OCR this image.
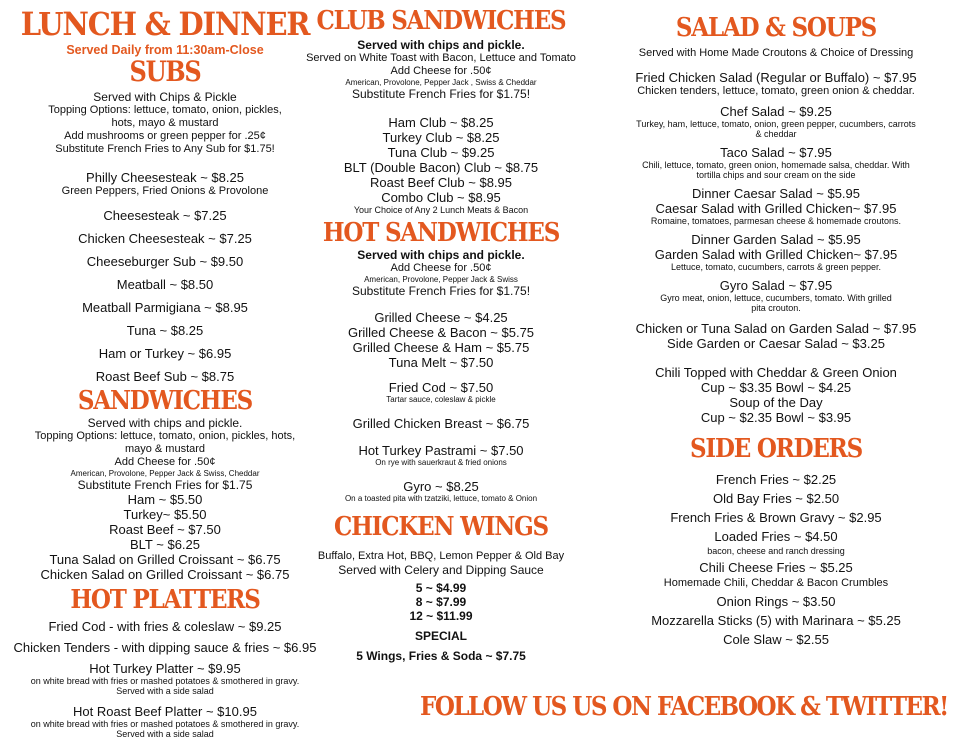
LUNCH & DINNER
Served Daily from 11:30am-Close
SUBS
Served with Chips & Pickle
Topping Options: lettuce, tomato, onion, pickles,
hots, mayo & mustard
Add mushrooms or green pepper for .25¢
Substitute French Fries to Any Sub for $1.75!
Philly Cheesesteak ~ $8.25
Green Peppers, Fried Onions & Provolone
Cheesesteak ~ $7.25
Chicken Cheesesteak ~ $7.25
Cheeseburger Sub ~ $9.50
Meatball ~ $8.50
Meatball Parmigiana ~ $8.95
Tuna ~ $8.25
Ham or Turkey ~ $6.95
Roast Beef Sub ~ $8.75
SANDWICHES
Served with chips and pickle.
Topping Options: lettuce, tomato, onion, pickles, hots,
mayo & mustard
Add Cheese for .50¢
American, Provolone, Pepper Jack & Swiss, Cheddar
Substitute French Fries for $1.75
Ham ~ $5.50
Turkey~ $5.50
Roast Beef ~ $7.50
BLT ~ $6.25
Tuna Salad on Grilled Croissant ~ $6.75
Chicken Salad on Grilled Croissant ~ $6.75
HOT PLATTERS
Fried Cod - with fries & coleslaw ~ $9.25
Chicken Tenders - with dipping sauce & fries ~ $6.95
Hot Turkey Platter ~ $9.95
on white bread with fries or mashed potatoes & smothered in gravy.
Served with a side salad
Hot Roast Beef Platter ~ $10.95
on white bread with fries or mashed potatoes & smothered in gravy.
Served with a side salad
CLUB SANDWICHES
Served with chips and pickle.
Served on White Toast with Bacon, Lettuce and Tomato
Add Cheese for .50¢
American, Provolone, Pepper Jack , Swiss & Cheddar
Substitute French Fries for $1.75!
Ham Club ~ $8.25
Turkey Club ~ $8.25
Tuna Club ~ $9.25
BLT (Double Bacon) Club ~ $8.75
Roast Beef Club ~ $8.95
Combo Club ~ $8.95
Your Choice of Any 2 Lunch Meats & Bacon
HOT SANDWICHES
Served with chips and pickle.
Add Cheese for .50¢
American, Provolone, Pepper Jack & Swiss
Substitute French Fries for $1.75!
Grilled Cheese ~ $4.25
Grilled Cheese & Bacon ~ $5.75
Grilled Cheese & Ham ~ $5.75
Tuna Melt ~ $7.50
Fried Cod ~ $7.50
Tartar sauce, coleslaw & pickle
Grilled Chicken Breast ~ $6.75
Hot Turkey Pastrami ~ $7.50
On rye with sauerkraut & fried onions
Gyro ~ $8.25
On a toasted pita with tzatziki, lettuce, tomato & Onion
CHICKEN WINGS
Buffalo, Extra Hot, BBQ, Lemon Pepper & Old Bay
Served with Celery and Dipping Sauce
5 ~ $4.99
8 ~ $7.99
12 ~ $11.99
SPECIAL
5 Wings, Fries & Soda ~ $7.75
SALAD & SOUPS
Served with Home Made Croutons & Choice of Dressing
Fried Chicken Salad (Regular or Buffalo) ~ $7.95
Chicken tenders, lettuce, tomato, green onion & cheddar.
Chef Salad ~ $9.25
Turkey, ham, lettuce, tomato, onion, green pepper, cucumbers, carrots
& cheddar
Taco Salad ~ $7.95
Chili, lettuce, tomato, green onion, homemade salsa, cheddar. With
tortilla chips and sour cream on the side
Dinner Caesar Salad ~ $5.95
Caesar Salad with Grilled Chicken~ $7.95
Romaine, tomatoes, parmesan cheese & homemade croutons.
Dinner Garden Salad ~ $5.95
Garden Salad with Grilled Chicken~ $7.95
Lettuce, tomato, cucumbers, carrots & green pepper.
Gyro Salad ~ $7.95
Gyro meat, onion, lettuce, cucumbers, tomato. With grilled
pita crouton.
Chicken or Tuna Salad on Garden Salad ~ $7.95
Side Garden or Caesar Salad ~ $3.25
Chili Topped with Cheddar & Green Onion
Cup ~ $3.35 Bowl ~ $4.25
Soup of the Day
Cup ~ $2.35 Bowl ~ $3.95
SIDE ORDERS
French Fries ~ $2.25
Old Bay Fries ~ $2.50
French Fries & Brown Gravy ~ $2.95
Loaded Fries ~ $4.50
bacon, cheese and ranch dressing
Chili Cheese Fries ~ $5.25
Homemade Chili, Cheddar & Bacon Crumbles
Onion Rings ~ $3.50
Mozzarella Sticks (5) with Marinara ~ $5.25
Cole Slaw ~ $2.55
FOLLOW US US ON FACEBOOK & TWITTER!
